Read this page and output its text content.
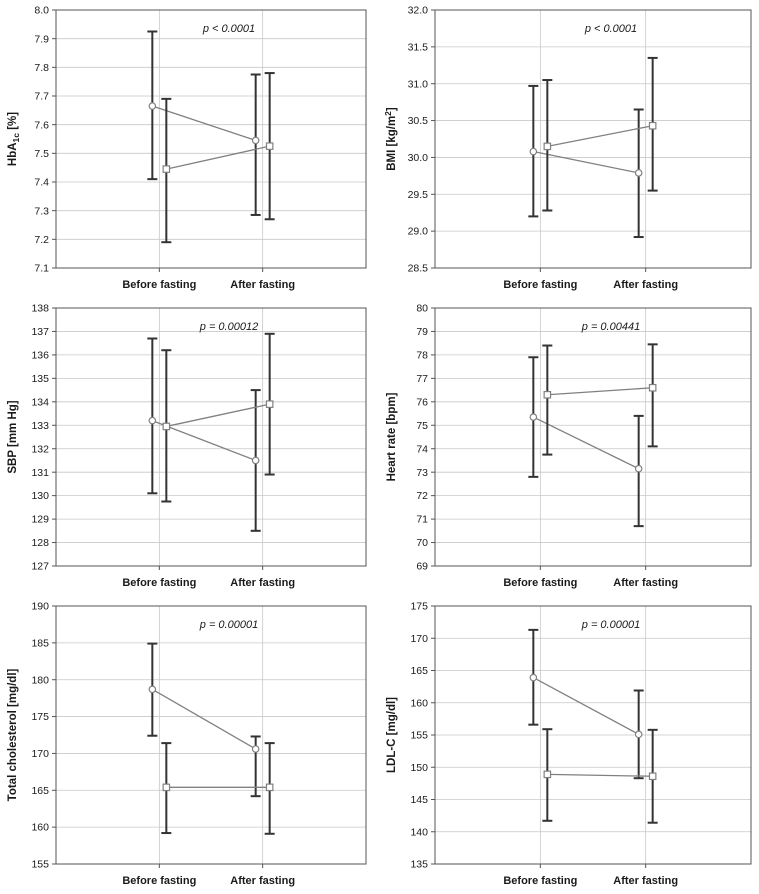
7.1
7.2
7.3
7.4
7.5
7.6
7.7
7.8
7.9
8.0
Before fasting	After fasting
p < 0.0001
HbA$_{1c}$ [%]
28.5
29.0
29.5
30.0
30.5
31.0
31.5
32.0
Before fasting	After fasting
p < 0.0001
BMI $[kg/m^2]$
127
128
129
130
131
132
133
134
135
136
137
138
Before fasting	After fasting
p = 0.00012
SBP [mm Hg]
69
70
71
72
73
74
75
76
77
78
79
80
Before fasting	After fasting
p = 0.00441
Heart rate [bpm]
155
160
165
170
175
180
185
190
Before fasting	After fasting
p = 0.00001
Total cholesterol [mg/dl]
135
140
145
150
155
160
165
170
175
Before fasting	After fasting
p = 0.00001
LDL-C [mg/dl]
